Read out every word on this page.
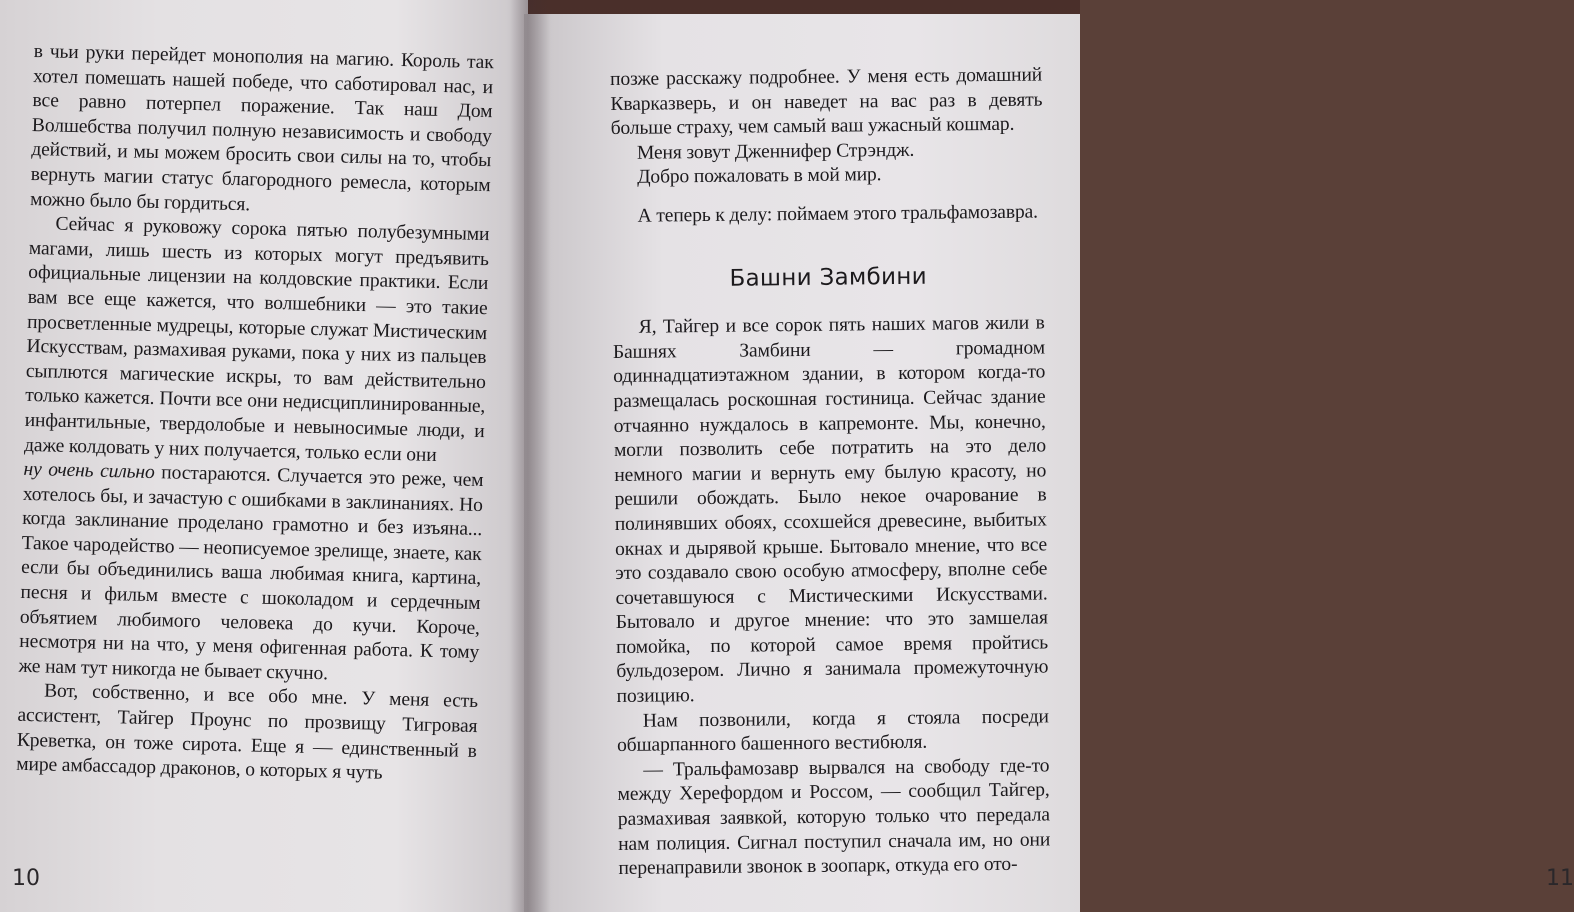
в чьи руки перейдет монополия на магию. Король так хотел помешать нашей победе, что саботировал нас, и все равно потерпел поражение. Так наш Дом Волшебства получил полную независимость и свободу действий, и мы можем бросить свои силы на то, чтобы вернуть магии статус благородного ремесла, которым можно было бы гордиться.

Сейчас я руковожу сорока пятью полубезумными магами, лишь шесть из которых могут предъявить официальные лицензии на колдовские практики. Если вам все еще кажется, что волшебники — это такие просветленные мудрецы, которые служат Мистическим Искусствам, размахивая руками, пока у них из пальцев сыплются магические искры, то вам действительно только кажется. Почти все они недисциплинированные, инфантильные, твердолобые и невыносимые люди, и даже колдовать у них получается, только если они

ну очень сильно постараются. Случается это реже, чем хотелось бы, и зачастую с ошибками в заклинаниях. Но когда заклинание проделано грамотно и без изъяна... Такое чародейство — неописуемое зрелище, знаете, как если бы объединились ваша любимая книга, картина, песня и фильм вместе с шоколадом и сердечным объятием любимого человека до кучи. Короче, несмотря ни на что, у меня офигенная работа. К тому же нам тут никогда не бывает скучно.

Вот, собственно, и все обо мне. У меня есть ассистент, Тайгер Проунс по прозвищу Тигровая Креветка, он тоже сирота. Еще я — единственный в мире амбассадор драконов, о которых я чуть

10

позже расскажу подробнее. У меня есть домашний Кварказверь, и он наведет на вас раз в девять больше страху, чем самый ваш ужасный кошмар.

Меня зовут Дженнифер Стрэндж.

Добро пожаловать в мой мир.

А теперь к делу: поймаем этого тральфамозавра.

Башни Замбини

Я, Тайгер и все сорок пять наших магов жили в Башнях Замбини — громадном одиннадцатиэтажном здании, в котором когда-то размещалась роскошная гостиница. Сейчас здание отчаянно нуждалось в капремонте. Мы, конечно, могли позволить себе потратить на это дело немного магии и вернуть ему былую красоту, но решили обождать. Было некое очарование в полинявших обоях, ссохшейся древесине, выбитых окнах и дырявой крыше. Бытовало мнение, что все это создавало свою особую атмосферу, вполне себе сочетавшуюся с Мистическими Искусствами. Бытовало и другое мнение: что это замшелая помойка, по которой самое время пройтись бульдозером. Лично я занимала промежуточную позицию.

Нам позвонили, когда я стояла посреди обшарпанного башенного вестибюля.

— Тральфамозавр вырвался на свободу где-то между Херефордом и Россом, — сообщил Тайгер, размахивая заявкой, которую только что передала нам полиция. Сигнал поступил сначала им, но они перенаправили звонок в зоопарк, откуда его ото-	11
